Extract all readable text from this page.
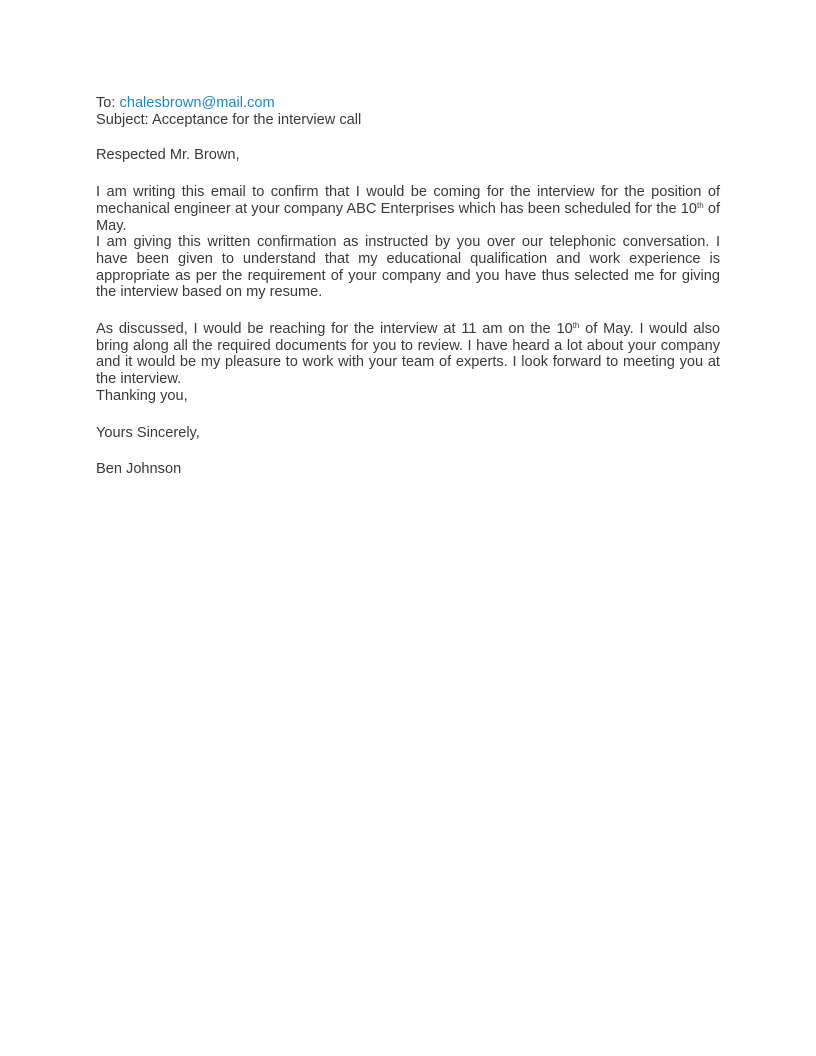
To: chalesbrown@mail.com
Subject: Acceptance for the interview call
Respected Mr. Brown,

I am writing this email to confirm that I would be coming for the interview for the position of mechanical engineer at your company ABC Enterprises which has been scheduled for the 10th of May.

I am giving this written confirmation as instructed by you over our telephonic conversation. I have been given to understand that my educational qualification and work experience is appropriate as per the requirement of your company and you have thus selected me for giving the interview based on my resume.

As discussed, I would be reaching for the interview at 11 am on the 10th of May. I would also bring along all the required documents for you to review. I have heard a lot about your company and it would be my pleasure to work with your team of experts. I look forward to meeting you at the interview.

Thanking you,
Yours Sincerely,
Ben Johnson
